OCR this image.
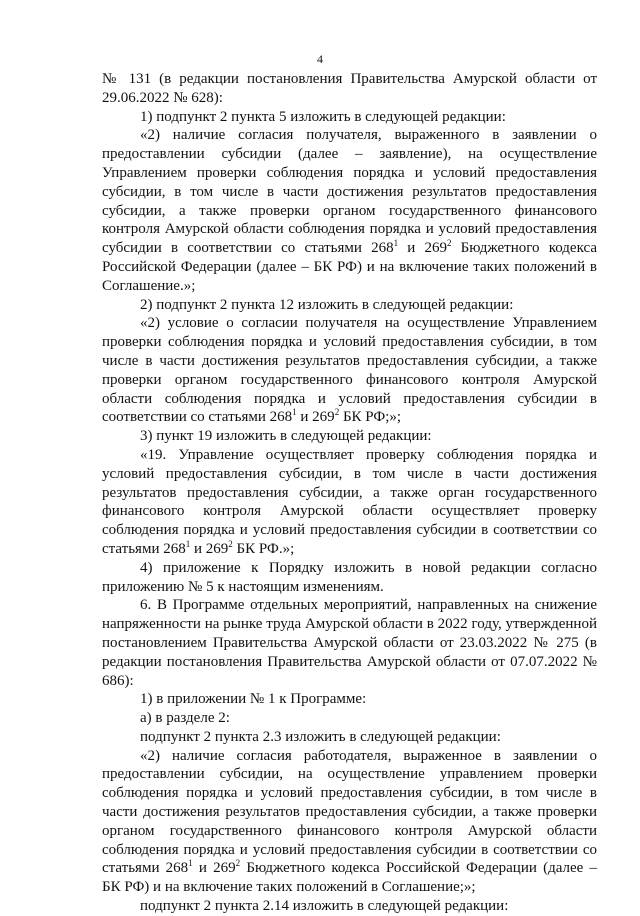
4

№ 131 (в редакции постановления Правительства Амурской области от 29.06.2022 № 628):

1) подпункт 2 пункта 5 изложить в следующей редакции:

«2) наличие согласия получателя, выраженного в заявлении о предоставлении субсидии (далее – заявление), на осуществление Управлением проверки соблюдения порядка и условий предоставления субсидии, в том числе в части достижения результатов предоставления субсидии, а также проверки органом государственного финансового контроля Амурской области соблюдения порядка и условий предоставления субсидии в соответствии со статьями $268^1$ и $269^2$ Бюджетного кодекса Российской Федерации (далее – БК РФ) и на включение таких положений в Соглашение.»;

2) подпункт 2 пункта 12 изложить в следующей редакции:

«2) условие о согласии получателя на осуществление Управлением проверки соблюдения порядка и условий предоставления субсидии, в том числе в части достижения результатов предоставления субсидии, а также проверки органом государственного финансового контроля Амурской области соблюдения порядка и условий предоставления субсидии в соответствии со статьями $268^1$ и $269^2$ БК РФ;»;

3) пункт 19 изложить в следующей редакции:

«19. Управление осуществляет проверку соблюдения порядка и условий предоставления субсидии, в том числе в части достижения результатов предоставления субсидии, а также орган государственного финансового контроля Амурской области осуществляет проверку соблюдения порядка и условий предоставления субсидии в соответствии со статьями $268^1$ и $269^2$ БК РФ.»;

4) приложение к Порядку изложить в новой редакции согласно приложению № 5 к настоящим изменениям.

6. В Программе отдельных мероприятий, направленных на снижение напряженности на рынке труда Амурской области в 2022 году, утвержденной постановлением Правительства Амурской области от 23.03.2022 № 275 (в редакции постановления Правительства Амурской области от 07.07.2022 № 686):

1) в приложении № 1 к Программе:

а) в разделе 2:

подпункт 2 пункта 2.3 изложить в следующей редакции:

«2) наличие согласия работодателя, выраженное в заявлении о предоставлении субсидии, на осуществление управлением проверки соблюдения порядка и условий предоставления субсидии, в том числе в части достижения результатов предоставления субсидии, а также проверки органом государственного финансового контроля Амурской области соблюдения порядка и условий предоставления субсидии в соответствии со статьями $268^1$ и $269^2$ Бюджетного кодекса Российской Федерации (далее – БК РФ) и на включение таких положений в Соглашение;»;

подпункт 2 пункта 2.14 изложить в следующей редакции:
